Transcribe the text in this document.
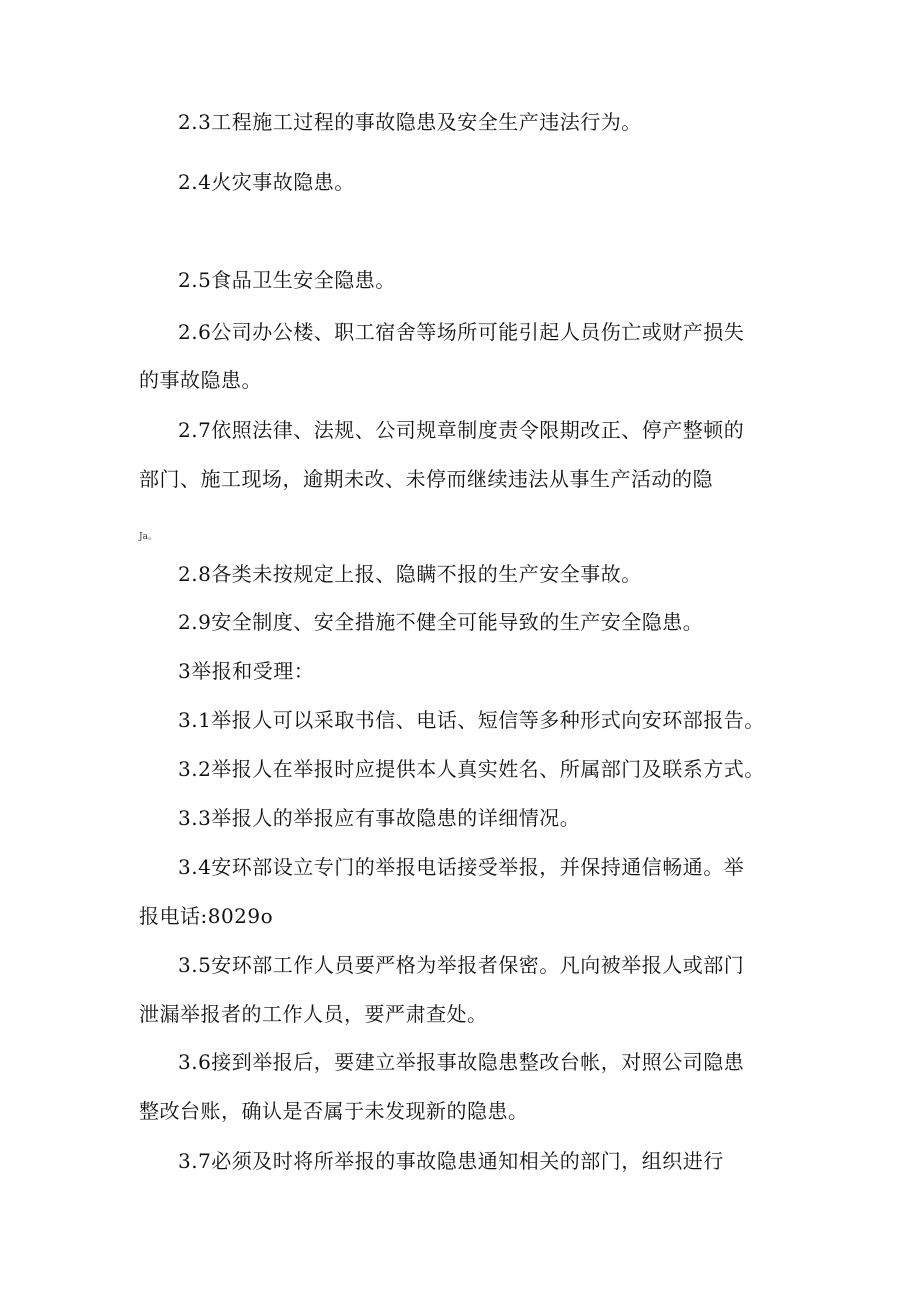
2.3工程施工过程的事故隐患及安全生产违法行为。
2.4火灾事故隐患。
2.5食品卫生安全隐患。
2.6公司办公楼、职工宿舍等场所可能引起人员伤亡或财产损失
的事故隐患。
2.7依照法律、法规、公司规章制度责令限期改正、停产整顿的
部门、施工现场，逾期未改、未停而继续违法从事生产活动的隐
Ja。
2.8各类未按规定上报、隐瞒不报的生产安全事故。
2.9安全制度、安全措施不健全可能导致的生产安全隐患。
3举报和受理：
3.1举报人可以采取书信、电话、短信等多种形式向安环部报告。
3.2举报人在举报时应提供本人真实姓名、所属部门及联系方式。
3.3举报人的举报应有事故隐患的详细情况。
3.4安环部设立专门的举报电话接受举报，并保持通信畅通。举
报电话:8029o
3.5安环部工作人员要严格为举报者保密。凡向被举报人或部门
泄漏举报者的工作人员，要严肃查处。
3.6接到举报后，要建立举报事故隐患整改台帐，对照公司隐患
整改台账，确认是否属于未发现新的隐患。
3.7必须及时将所举报的事故隐患通知相关的部门，组织进行
